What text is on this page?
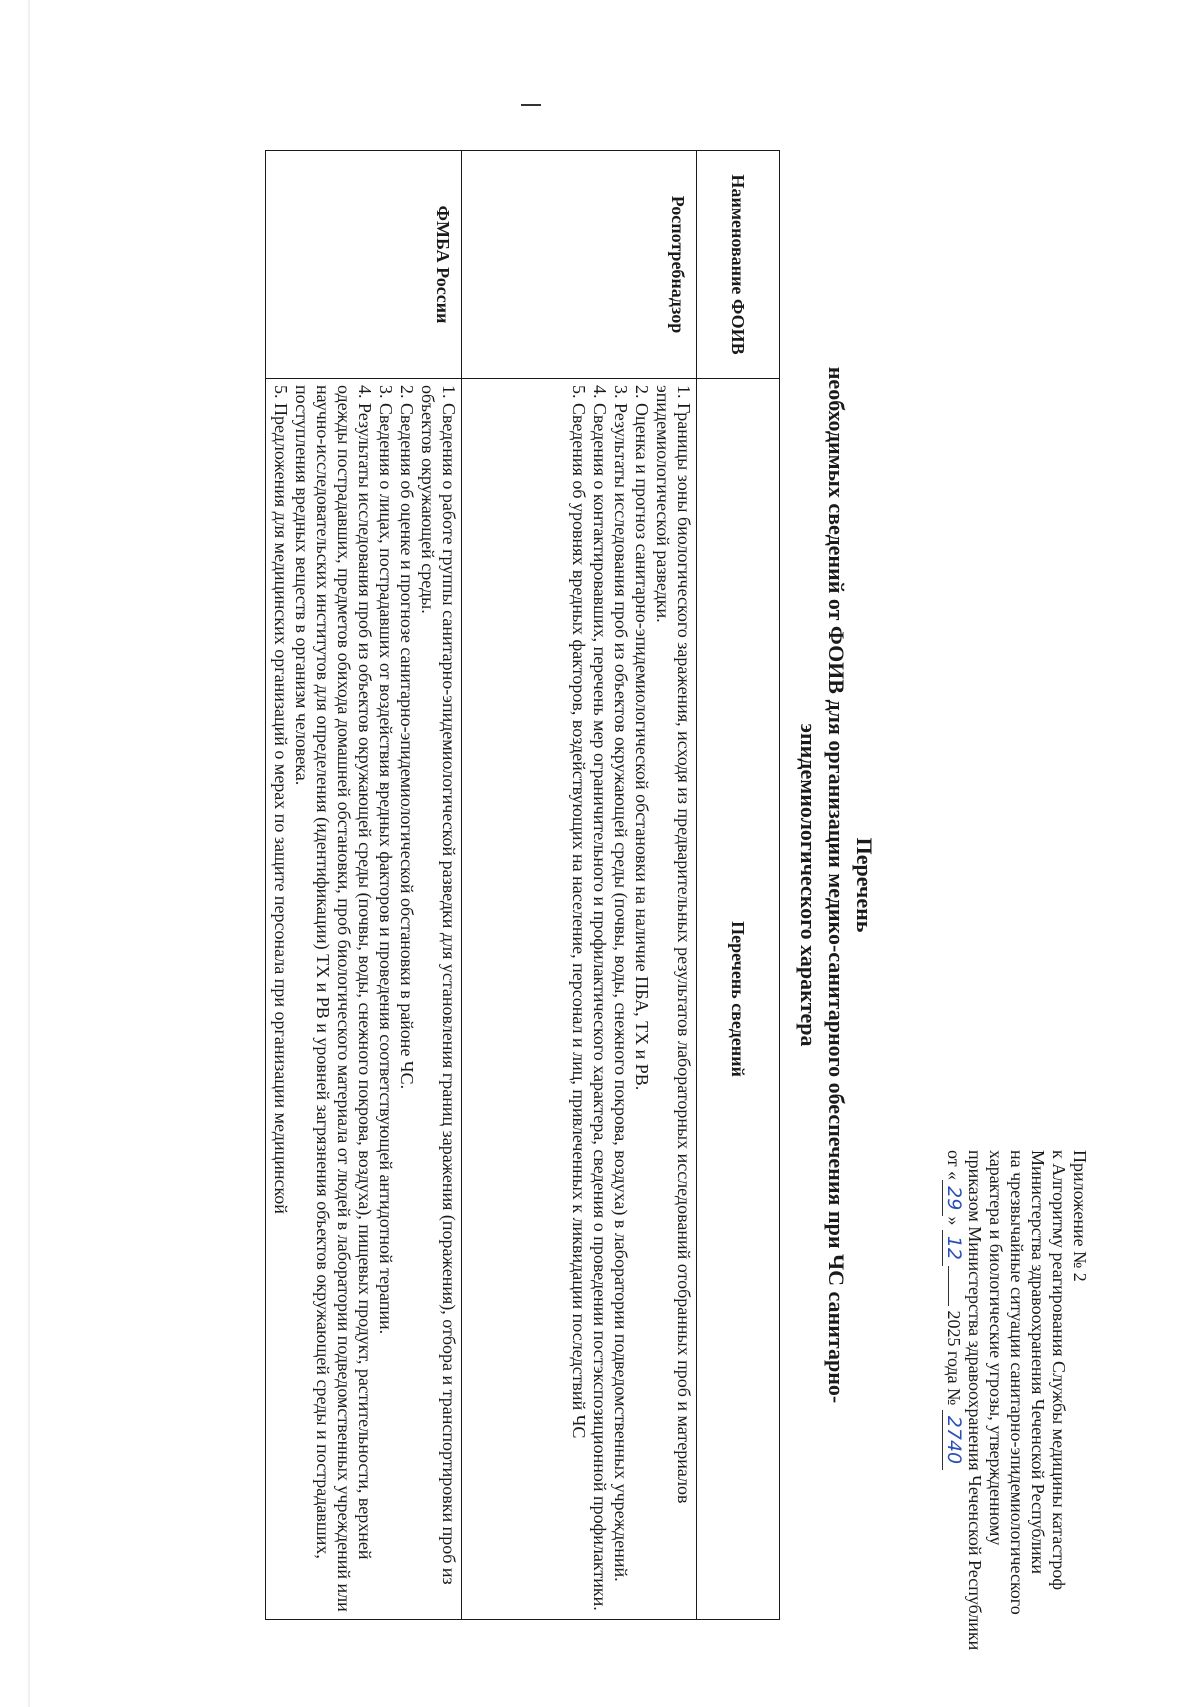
Приложение № 2
к Алгоритму реагирования Службы медицины катастроф
Министерства здравоохранения Чеченской Республики
на чрезвычайные ситуации санитарно-эпидемиологического
характера и биологические угрозы, утвержденному
приказом Министерства здравоохранения Чеченской Республики
от «29» 12 2025 года № 2740
Перечень
необходимых сведений от ФОИВ для организации медико-санитарного обеспечения при ЧС санитарно-
эпидемиологического характера
Наименование ФОИВ	Перечень сведений
Роспотребнадзор	1. Границы зоны биологического заражения, исходя из предварительных результатов лабораторных исследований отобранных проб и материалов эпидемиологической разведки.

2. Оценка и прогноз санитарно-эпидемиологической обстановки на наличие ПБА, ТХ и РВ.

3. Результаты исследования проб из объектов окружающей среды (почвы, воды, снежного покрова, воздуха) в лаборатории подведомственных учреждений.

4. Сведения о контактировавших, перечень мер ограничительного и профилактического характера, сведения о проведении постэкспозиционной профилактики.

5. Сведения об уровнях вредных факторов, воздействующих на население, персонал и лиц, привлеченных к ликвидации последствий ЧС

ФМБА России	1. Сведения о работе группы санитарно-эпидемиологической разведки для установления границ заражения (поражения), отбора и транспортировки проб из объектов окружающей среды.

2. Сведения об оценке и прогнозе санитарно-эпидемиологической обстановки в районе ЧС.

3. Сведения о лицах, пострадавших от воздействия вредных факторов и проведения соответствующей антидотной терапии.

4. Результаты исследования проб из объектов окружающей среды (почвы, воды, снежного покрова, воздуха), пищевых продукт, растительности, верхней одежды пострадавших, предметов обихода домашней обстановки, проб биологического материала от людей в лаборатории подведомственных учреждений или научно-исследовательских институтов для определения (идентификации) ТХ и РВ и уровней загрязнения объектов окружающей среды и пострадавших, поступления вредных веществ в организм человека.

5. Предложения для медицинских организаций о мерах по защите персонала при организации медицинской
